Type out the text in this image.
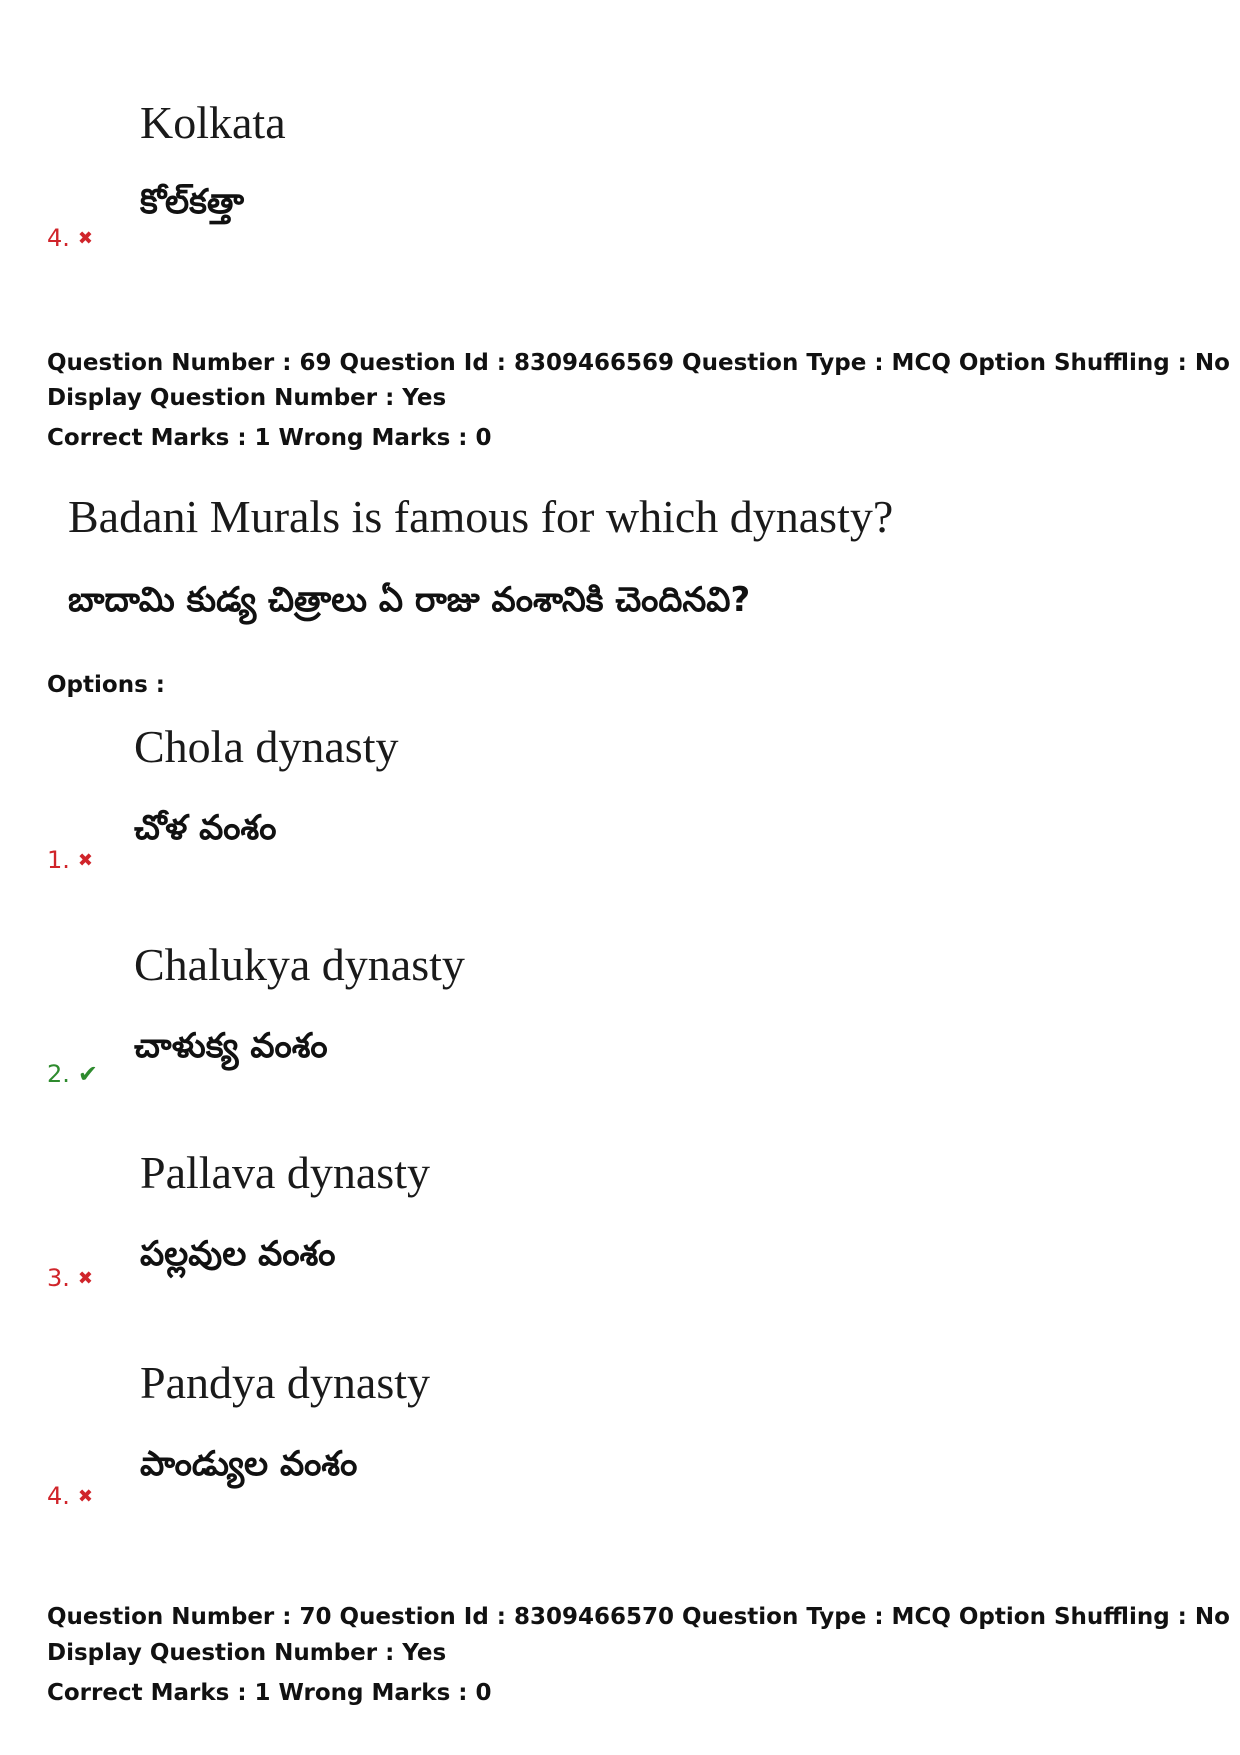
Kolkata
కోల్‌కత్తా
4. ✖
Question Number : 69 Question Id : 8309466569 Question Type : MCQ Option Shuffling : No
Display Question Number : Yes
Correct Marks : 1 Wrong Marks : 0
Badani Murals is famous for which dynasty?
బాదామి కుడ్య చిత్రాలు ఏ రాజు వంశానికి చెందినవి?
Options :
Chola dynasty
చోళ వంశం
1. ✖
Chalukya dynasty
చాళుక్య వంశం
2. ✔
Pallava dynasty
పల్లవుల వంశం
3. ✖
Pandya dynasty
పాండ్యుల వంశం
4. ✖
Question Number : 70 Question Id : 8309466570 Question Type : MCQ Option Shuffling : No
Display Question Number : Yes
Correct Marks : 1 Wrong Marks : 0
